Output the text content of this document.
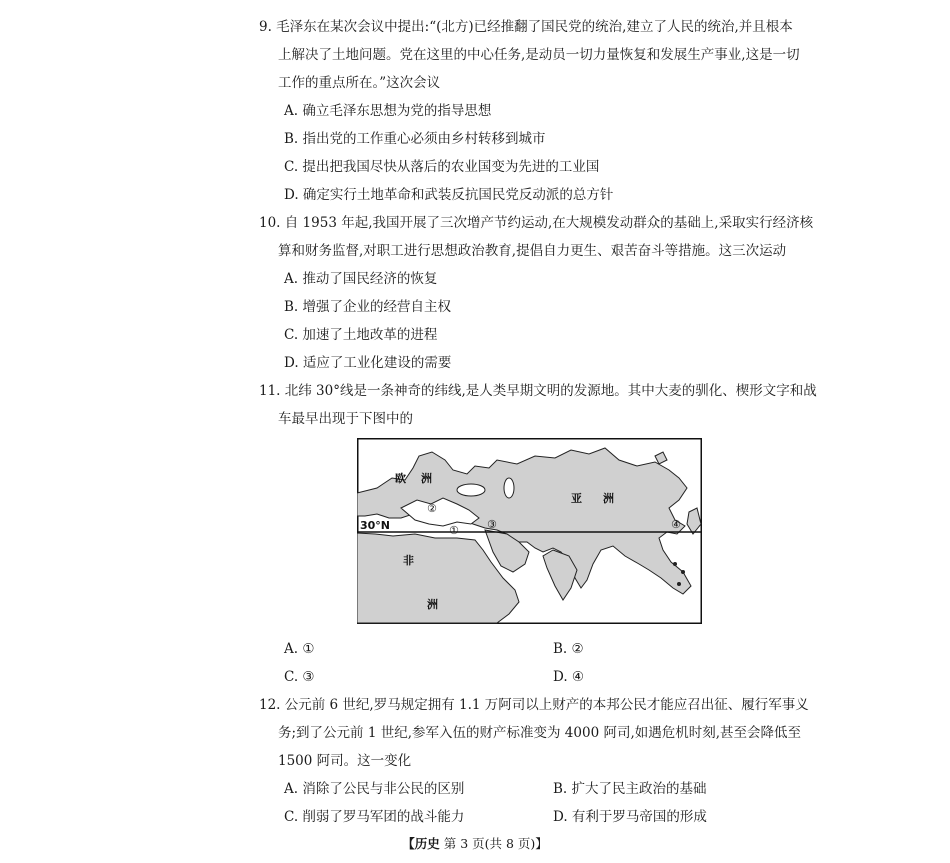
9. 毛泽东在某次会议中提出:“(北方)已经推翻了国民党的统治,建立了人民的统治,并且根本
上解决了土地问题。党在这里的中心任务,是动员一切力量恢复和发展生产事业,这是一切
工作的重点所在。”这次会议
A. 确立毛泽东思想为党的指导思想
B. 指出党的工作重心必须由乡村转移到城市
C. 提出把我国尽快从落后的农业国变为先进的工业国
D. 确定实行土地革命和武装反抗国民党反动派的总方针
10. 自 1953 年起,我国开展了三次增产节约运动,在大规模发动群众的基础上,采取实行经济核
算和财务监督,对职工进行思想政治教育,提倡自力更生、艰苦奋斗等措施。这三次运动
A. 推动了国民经济的恢复
B. 增强了企业的经营自主权
C. 加速了土地改革的进程
D. 适应了工业化建设的需要
11. 北纬 30°线是一条神奇的纬线,是人类早期文明的发源地。其中大麦的驯化、楔形文字和战
车最早出现于下图中的
30°N
欧 洲
亚 洲
非
洲
①
②
③	④
A. ①	B. ②
C. ③	D. ④
12. 公元前 6 世纪,罗马规定拥有 1.1 万阿司以上财产的本邦公民才能应召出征、履行军事义
务;到了公元前 1 世纪,参军入伍的财产标准变为 4000 阿司,如遇危机时刻,甚至会降低至
1500 阿司。这一变化
A. 消除了公民与非公民的区别	B. 扩大了民主政治的基础
C. 削弱了罗马军团的战斗能力	D. 有利于罗马帝国的形成
【历史 第 3 页(共 8 页)】
